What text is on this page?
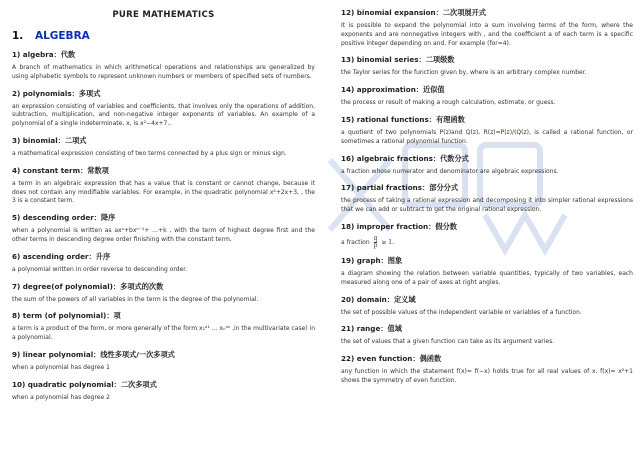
PURE MATHEMATICS
1. ALGEBRA
1) algebra：代数
A branch of mathematics in which arithmetical operations and relationships are generalized by using alphabetic symbols to represent unknown numbers or members of specified sets of numbers.
2) polynomials：多项式
an expression consisting of variables and coefficients, that involves only the operations of addition, subtraction, multiplication, and non-negative integer exponents of variables. An example of a polynomial of a single indeterminate, x, is x²−4x+7..
3) binomial：二项式
a mathematical expression consisting of two terms connected by a plus sign or minus sign.
4) constant term：常数项
a term in an algebraic expression that has a value that is constant or cannot change, because it does not contain any modifiable variables. For example, in the quadratic polynomial x²+2x+3, , the 3 is a constant term.
5) descending order：降序
when a polynomial is written as axⁿ+bxⁿ⁻¹+ …+k , with the term of highest degree first and the other terms in descending degree order finishing with the constant term.
6) ascending order：升序
a polynomial written in order reverse to descending order.
7) degree(of polynomial)：多项式的次数
the sum of the powers of all variables in the term is the degree of the polynomial.
8) term (of polynomial)：项
a term is a product of the form, or more generally of the form x₁ᵃ¹ … xₙᵃⁿ ,in the multivariate case) in a polynomial.
9) linear polynomial：线性多项式/一次多项式
when a polynomial has degree 1
10) quadratic polynomial：二次多项式
when a polynomial has degree 2
12) binomial expansion：二次项展开式
It is possible to expand the polynomial into a sum involving terms of the form, where the exponents and are nonnegative integers with , and the coefficient a of each term is a specific positive integer depending on and. For example (for=4).
13) binomial series：二项级数
the Taylor series for the function given by, where is an arbitrary complex number.
14) approximation：近似值
the process or result of making a rough calculation, estimate, or guess.
15) rational functions：有理函数
a quotient of two polynomials P(z)and Q(z), R(z)=P(z)/(Q(z), is called a rational function, or sometimes a rational polynomial function.
16) algebraic fractions：代数分式
a fraction whose numerator and denominator are algebraic expressions.
17) partial fractions：部分分式
the process of taking a rational expression and decomposing it into simpler rational expressions that we can add or subtract to get the original rational expression.
18) improper fraction：假分数
a fraction $\frac{q}{p} \ge 1$.
19) graph：图象
a diagram showing the relation between variable quantities, typically of two variables, each measured along one of a pair of axes at right angles.
20) domain：定义域
the set of possible values of the independent variable or variables of a function.
21) range：值域
the set of values that a given function can take as its argument varies.
22) even function：偶函数
any function in which the statement f(x)= f(−x) holds true for all real values of x. f(x)= x²+1 shows the symmetry of even function.
